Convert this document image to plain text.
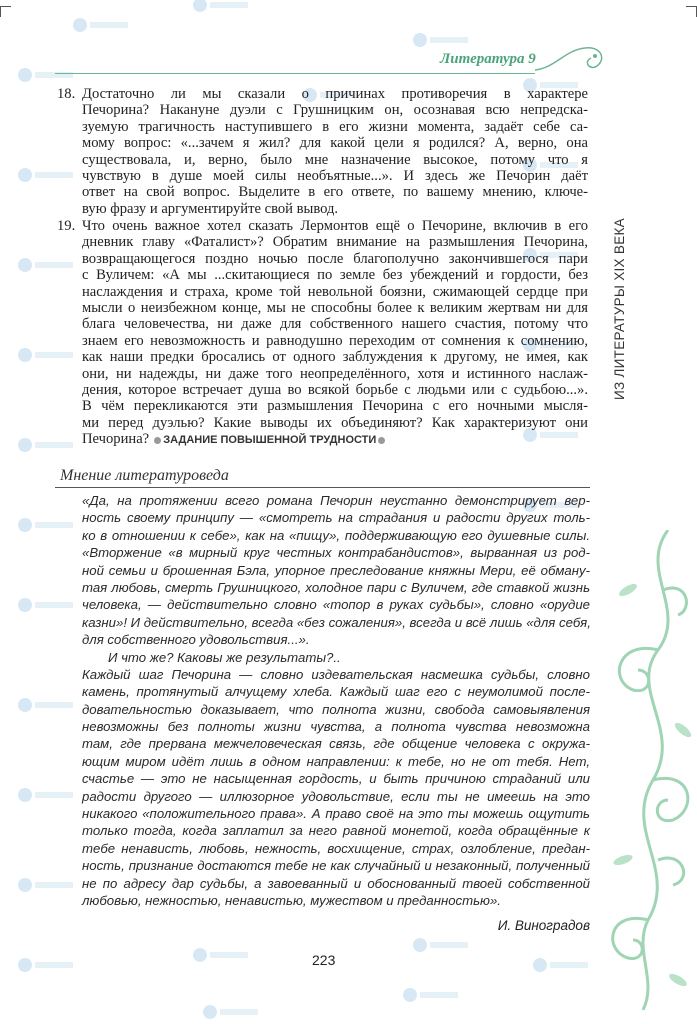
Литература 9
18. Достаточно ли мы сказали о причинах противоречия в характере
Печорина? Накануне дуэли с Грушницким он, осознавая всю непредска-
зуемую трагичность наступившего в его жизни момента, задаёт себе са-
мому вопрос: «...зачем я жил? для какой цели я родился? А, верно, она
существовала, и, верно, было мне назначение высокое, потому что я
чувствую в душе моей силы необъятные...». И здесь же Печорин даёт
ответ на свой вопрос. Выделите в его ответе, по вашему мнению, ключе-
вую фразу и аргументируйте свой вывод.
19. Что очень важное хотел сказать Лермонтов ещё о Печорине, включив в его
дневник главу «Фаталист»? Обратим внимание на размышления Печорина,
возвращающегося поздно ночью после благополучно закончившегося пари
с Вуличем: «А мы ...скитающиеся по земле без убеждений и гордости, без
наслаждения и страха, кроме той невольной боязни, сжимающей сердце при
мысли о неизбежном конце, мы не способны более к великим жертвам ни для
блага человечества, ни даже для собственного нашего счастия, потому что
знаем его невозможность и равнодушно переходим от сомнения к сомнению,
как наши предки бросались от одного заблуждения к другому, не имея, как
они, ни надежды, ни даже того неопределённого, хотя и истинного наслаж-
дения, которое встречает душа во всякой борьбе с людьми или с судьбою...».
В чём перекликаются эти размышления Печорина с его ночными мысля-
ми перед дуэлью? Какие выводы их объединяют? Как характеризуют они
Печорина? ЗАДАНИЕ ПОВЫШЕННОЙ ТРУДНОСТИ
ИЗ ЛИТЕРАТУРЫ XIX ВЕКА
Мнение литературоведа
«Да, на протяжении всего романа Печорин неустанно демонстрирует вер-
ность своему принципу — «смотреть на страдания и радости других толь-
ко в отношении к себе», как на «пищу», поддерживающую его душевные силы.
«Вторжение «в мирный круг честных контрабандистов», вырванная из род-
ной семьи и брошенная Бэла, упорное преследование княжны Мери, её обману-
тая любовь, смерть Грушницкого, холодное пари с Вуличем, где ставкой жизнь
человека, — действительно словно «топор в руках судьбы», словно «орудие
казни»! И действительно, всегда «без сожаления», всегда и всё лишь «для себя,
для собственного удовольствия...».
И что же? Каковы же результаты?..
Каждый шаг Печорина — словно издевательская насмешка судьбы, словно
камень, протянутый алчущему хлеба. Каждый шаг его с неумолимой после-
довательностью доказывает, что полнота жизни, свобода самовыявления
невозможны без полноты жизни чувства, а полнота чувства невозможна
там, где прервана межчеловеческая связь, где общение человека с окружа-
ющим миром идёт лишь в одном направлении: к тебе, но не от тебя. Нет,
счастье — это не насыщенная гордость, и быть причиною страданий или
радости другого — иллюзорное удовольствие, если ты не имеешь на это
никакого «положительного права». А право своё на это ты можешь ощутить
только тогда, когда заплатил за него равной монетой, когда обращённые к
тебе ненависть, любовь, нежность, восхищение, страх, озлобление, предан-
ность, признание достаются тебе не как случайный и незаконный, полученный
не по адресу дар судьбы, а завоеванный и обоснованный твоей собственной
любовью, нежностью, ненавистью, мужеством и преданностью».
И. Виноградов
223
